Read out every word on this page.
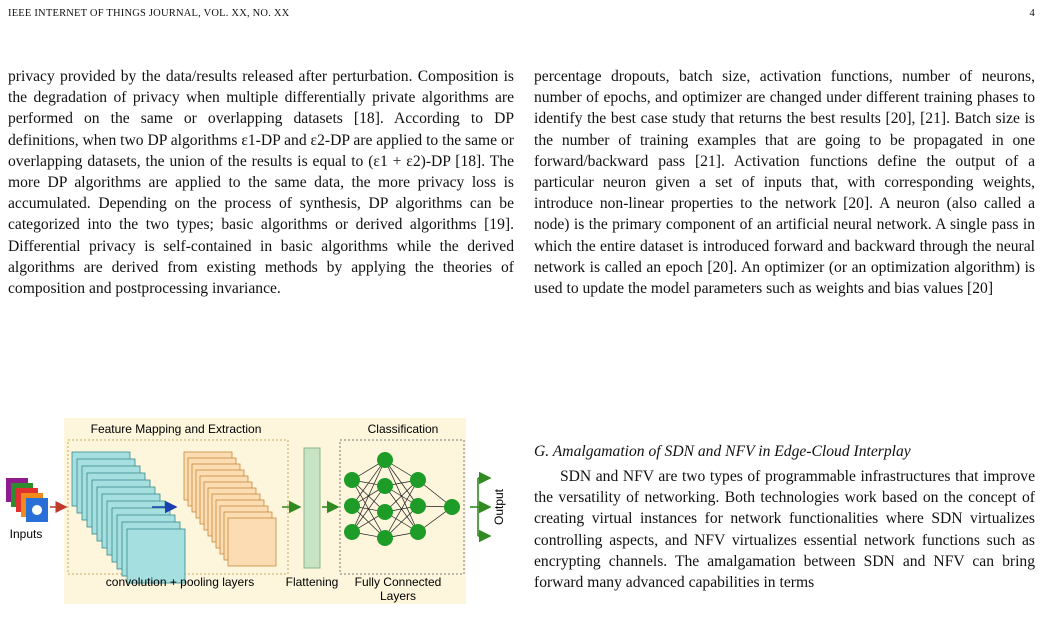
IEEE INTERNET OF THINGS JOURNAL, VOL. XX, NO. XX	4

privacy provided by the data/results released after perturbation. Composition is the degradation of privacy when multiple differentially private algorithms are performed on the same or overlapping datasets [18]. According to DP definitions, when two DP algorithms ε1-DP and ε2-DP are applied to the same or overlapping datasets, the union of the results is equal to (ε1 + ε2)-DP [18]. The more DP algorithms are applied to the same data, the more privacy loss is accumulated. Depending on the process of synthesis, DP algorithms can be categorized into the two types; basic algorithms or derived algorithms [19]. Differential privacy is self-contained in basic algorithms while the derived algorithms are derived from existing methods by applying the theories of composition and postprocessing invariance.

percentage dropouts, batch size, activation functions, number of neurons, number of epochs, and optimizer are changed under different training phases to identify the best case study that returns the best results [20], [21]. Batch size is the number of training examples that are going to be propagated in one forward/backward pass [21]. Activation functions define the output of a particular neuron given a set of inputs that, with corresponding weights, introduce non-linear properties to the network [20]. A neuron (also called a node) is the primary component of an artificial neural network. A single pass in which the entire dataset is introduced forward and backward through the neural network is called an epoch [20]. An optimizer (or an optimization algorithm) is used to update the model parameters such as weights and bias values [20]

G. Amalgamation of SDN and NFV in Edge-Cloud Interplay
SDN and NFV are two types of programmable infrastructures that improve the versatility of networking. Both technologies work based on the concept of creating virtual instances for network functionalities where SDN virtualizes controlling aspects, and NFV virtualizes essential network functions such as encrypting channels. The amalgamation between SDN and NFV can bring forward many advanced capabilities in terms
Feature Mapping and Extraction	Classification
Inputs
Output
convolution + pooling layers	Flattening Fully Connected
Layers
